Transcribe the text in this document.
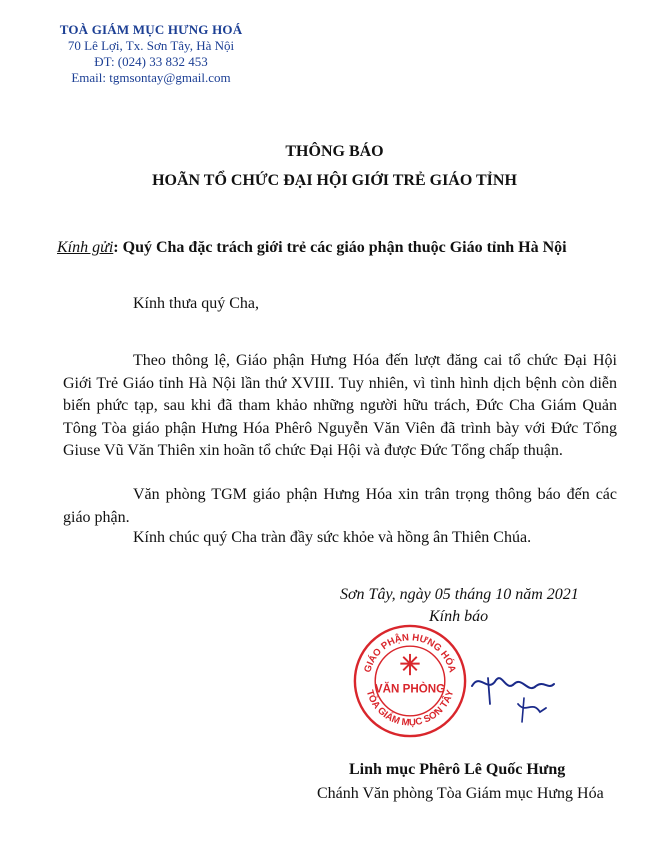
TOÀ GIÁM MỤC HƯNG HOÁ
70 Lê Lợi, Tx. Sơn Tây, Hà Nội
ĐT: (024) 33 832 453
Email: tgmsontay@gmail.com
THÔNG BÁO
HOÃN TỔ CHỨC ĐẠI HỘI GIỚI TRẺ GIÁO TỈNH
Kính gửi: Quý Cha đặc trách giới trẻ các giáo phận thuộc Giáo tỉnh Hà Nội
Kính thưa quý Cha,
Theo thông lệ, Giáo phận Hưng Hóa đến lượt đăng cai tổ chức Đại Hội Giới Trẻ Giáo tỉnh Hà Nội lần thứ XVIII. Tuy nhiên, vì tình hình dịch bệnh còn diễn biến phức tạp, sau khi đã tham khảo những người hữu trách, Đức Cha Giám Quản Tông Tòa giáo phận Hưng Hóa Phêrô Nguyễn Văn Viên đã trình bày với Đức Tổng Giuse Vũ Văn Thiên xin hoãn tổ chức Đại Hội và được Đức Tổng chấp thuận.
Văn phòng TGM giáo phận Hưng Hóa xin trân trọng thông báo đến các giáo phận.
Kính chúc quý Cha tràn đầy sức khỏe và hồng ân Thiên Chúa.
Sơn Tây, ngày 05 tháng 10 năm 2021
Kính báo
GIÁO PHẬN HƯNG HÓA
TÒA GIÁM MỤC SƠN TÂY
VĂN PHÒNG
Linh mục Phêrô Lê Quốc Hưng
Chánh Văn phòng Tòa Giám mục Hưng Hóa
